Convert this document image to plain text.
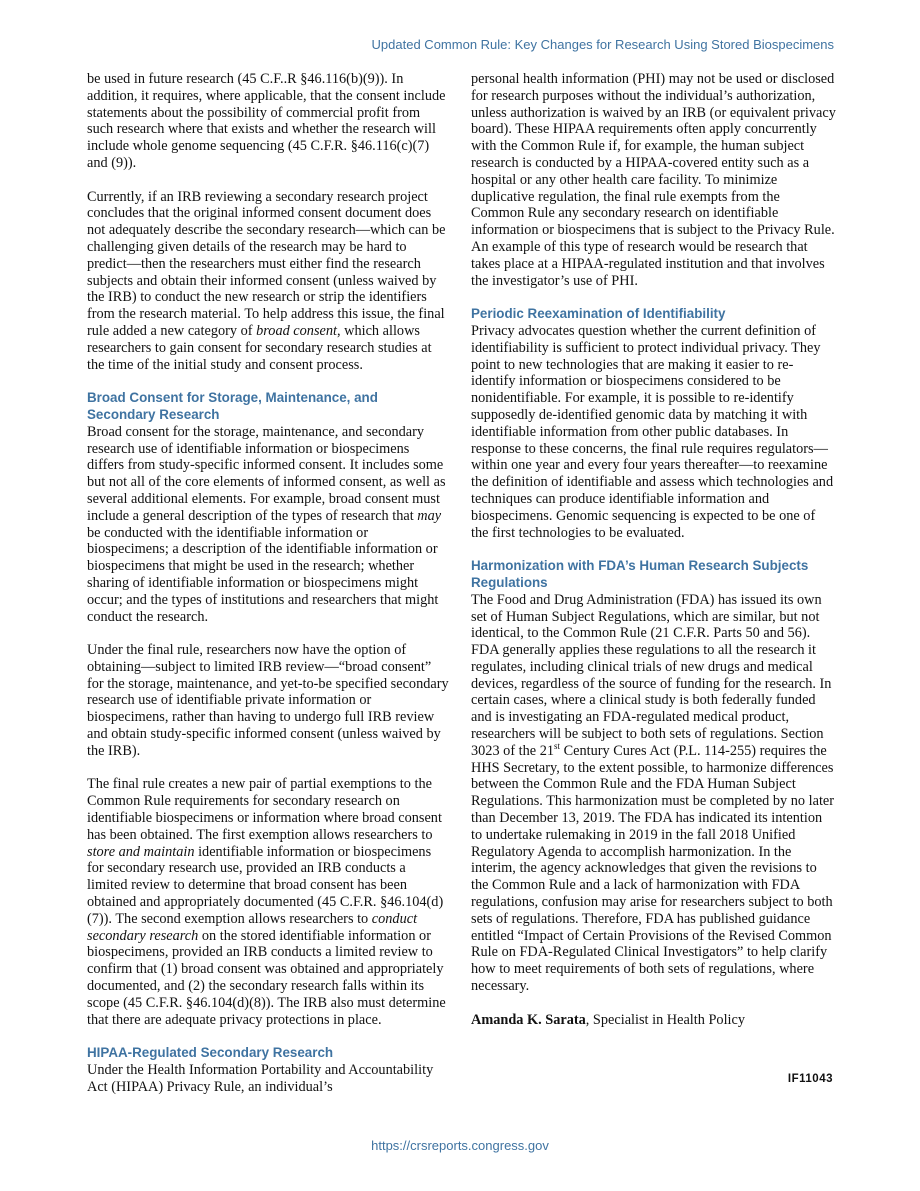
Updated Common Rule: Key Changes for Research Using Stored Biospecimens

be used in future research (45 C.F..R §46.116(b)(9)). In addition, it requires, where applicable, that the consent include statements about the possibility of commercial profit from such research where that exists and whether the research will include whole genome sequencing (45 C.F.R. §46.116(c)(7) and (9)).

Currently, if an IRB reviewing a secondary research project concludes that the original informed consent document does not adequately describe the secondary research—which can be challenging given details of the research may be hard to predict—then the researchers must either find the research subjects and obtain their informed consent (unless waived by the IRB) to conduct the new research or strip the identifiers from the research material. To help address this issue, the final rule added a new category of broad consent, which allows researchers to gain consent for secondary research studies at the time of the initial study and consent process.

Broad Consent for Storage, Maintenance, and Secondary Research

Broad consent for the storage, maintenance, and secondary research use of identifiable information or biospecimens differs from study-specific informed consent. It includes some but not all of the core elements of informed consent, as well as several additional elements. For example, broad consent must include a general description of the types of research that may be conducted with the identifiable information or biospecimens; a description of the identifiable information or biospecimens that might be used in the research; whether sharing of identifiable information or biospecimens might occur; and the types of institutions and researchers that might conduct the research.

Under the final rule, researchers now have the option of obtaining—subject to limited IRB review—“broad consent” for the storage, maintenance, and yet-to-be specified secondary research use of identifiable private information or biospecimens, rather than having to undergo full IRB review and obtain study-specific informed consent (unless waived by the IRB).

The final rule creates a new pair of partial exemptions to the Common Rule requirements for secondary research on identifiable biospecimens or information where broad consent has been obtained. The first exemption allows researchers to store and maintain identifiable information or biospecimens for secondary research use, provided an IRB conducts a limited review to determine that broad consent has been obtained and appropriately documented (45 C.F.R. §46.104(d)(7)). The second exemption allows researchers to conduct secondary research on the stored identifiable information or biospecimens, provided an IRB conducts a limited review to confirm that (1) broad consent was obtained and appropriately documented, and (2) the secondary research falls within its scope (45 C.F.R. §46.104(d)(8)). The IRB also must determine that there are adequate privacy protections in place.

HIPAA-Regulated Secondary Research

Under the Health Information Portability and Accountability Act (HIPAA) Privacy Rule, an individual’s

personal health information (PHI) may not be used or disclosed for research purposes without the individual’s authorization, unless authorization is waived by an IRB (or equivalent privacy board). These HIPAA requirements often apply concurrently with the Common Rule if, for example, the human subject research is conducted by a HIPAA-covered entity such as a hospital or any other health care facility. To minimize duplicative regulation, the final rule exempts from the Common Rule any secondary research on identifiable information or biospecimens that is subject to the Privacy Rule. An example of this type of research would be research that takes place at a HIPAA-regulated institution and that involves the investigator’s use of PHI.

Periodic Reexamination of Identifiability

Privacy advocates question whether the current definition of identifiability is sufficient to protect individual privacy. They point to new technologies that are making it easier to re-identify information or biospecimens considered to be nonidentifiable. For example, it is possible to re-identify supposedly de-identified genomic data by matching it with identifiable information from other public databases. In response to these concerns, the final rule requires regulators—within one year and every four years thereafter—to reexamine the definition of identifiable and assess which technologies and techniques can produce identifiable information and biospecimens. Genomic sequencing is expected to be one of the first technologies to be evaluated.

Harmonization with FDA’s Human Research Subjects Regulations

The Food and Drug Administration (FDA) has issued its own set of Human Subject Regulations, which are similar, but not identical, to the Common Rule (21 C.F.R. Parts 50 and 56). FDA generally applies these regulations to all the research it regulates, including clinical trials of new drugs and medical devices, regardless of the source of funding for the research. In certain cases, where a clinical study is both federally funded and is investigating an FDA-regulated medical product, researchers will be subject to both sets of regulations. Section 3023 of the 21st Century Cures Act (P.L. 114-255) requires the HHS Secretary, to the extent possible, to harmonize differences between the Common Rule and the FDA Human Subject Regulations. This harmonization must be completed by no later than December 13, 2019. The FDA has indicated its intention to undertake rulemaking in 2019 in the fall 2018 Unified Regulatory Agenda to accomplish harmonization. In the interim, the agency acknowledges that given the revisions to the Common Rule and a lack of harmonization with FDA regulations, confusion may arise for researchers subject to both sets of regulations. Therefore, FDA has published guidance entitled “Impact of Certain Provisions of the Revised Common Rule on FDA-Regulated Clinical Investigators” to help clarify how to meet requirements of both sets of regulations, where necessary.

Amanda K. Sarata, Specialist in Health Policy
IF11043
https://crsreports.congress.gov
